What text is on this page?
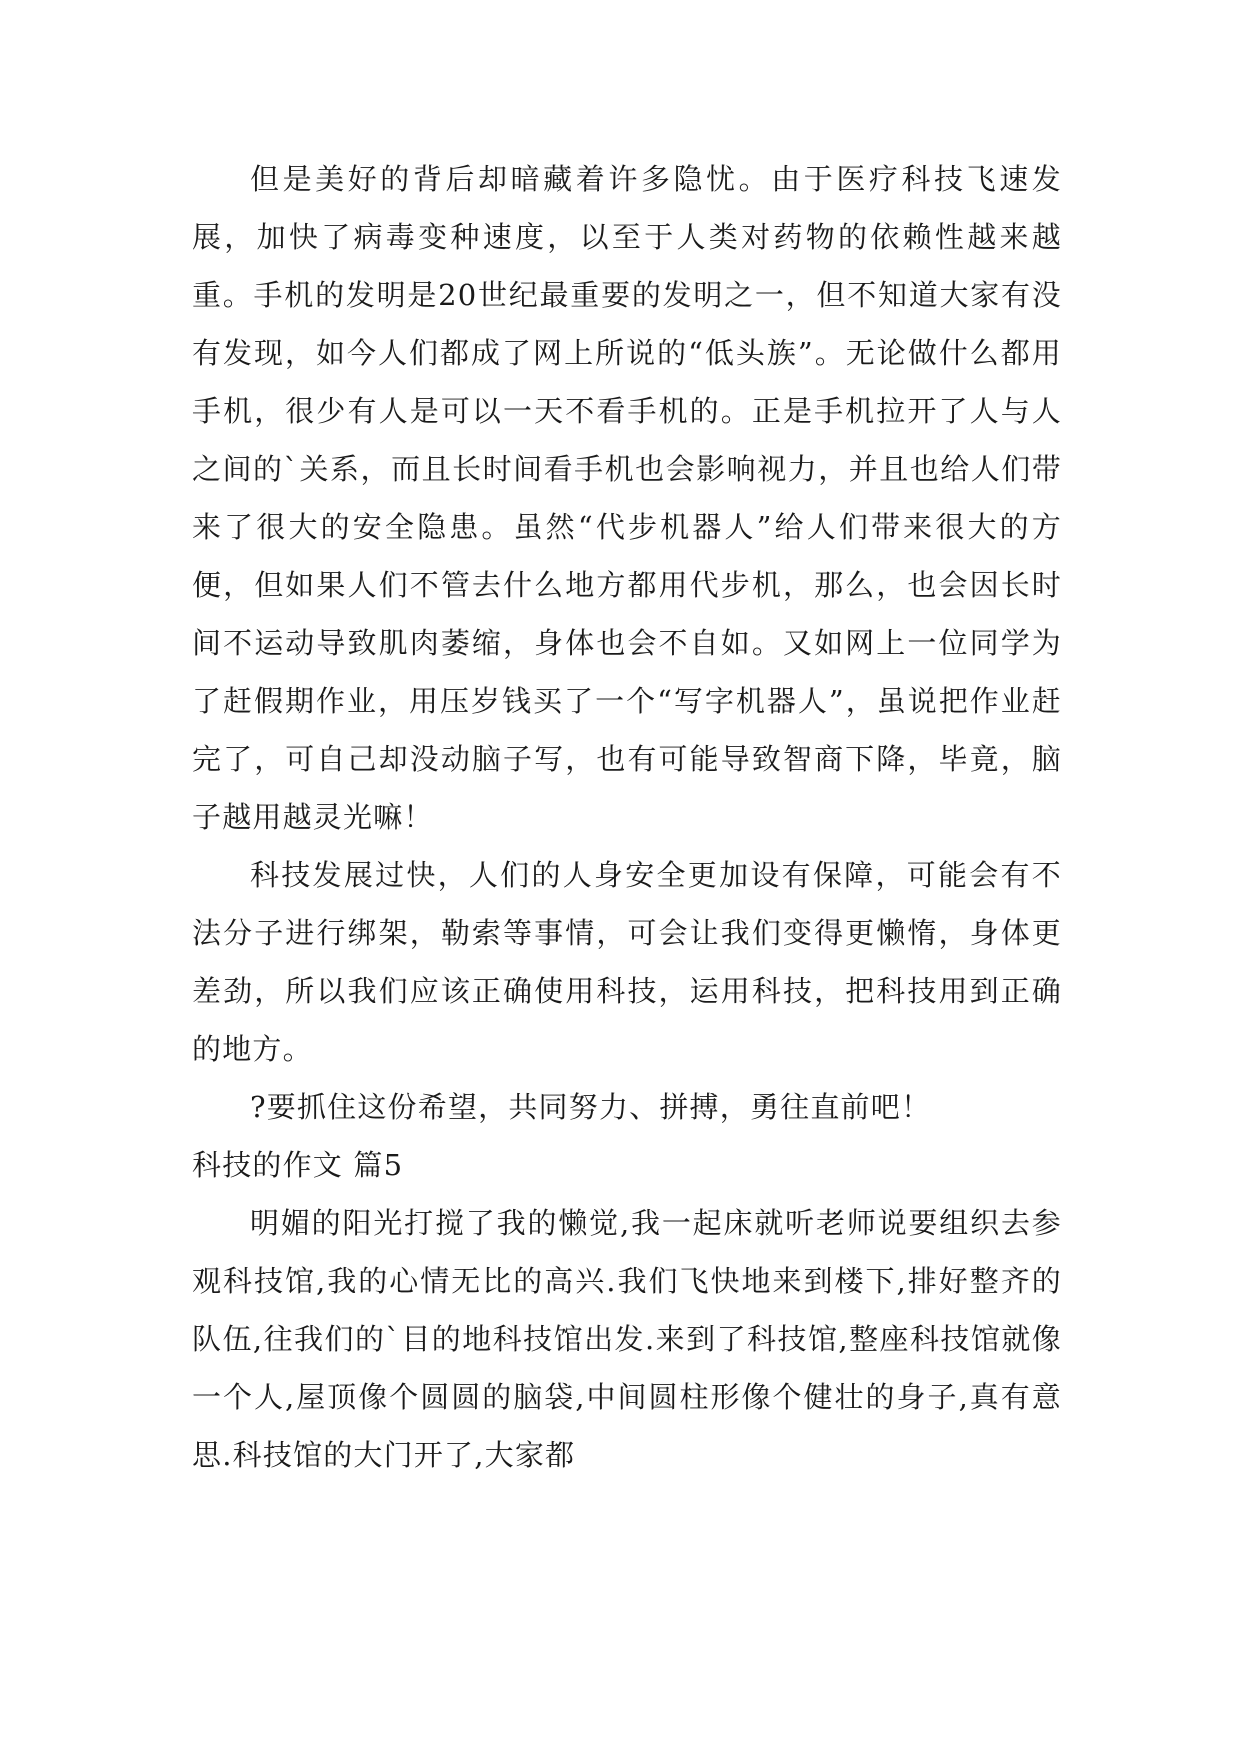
但是美好的背后却暗藏着许多隐忧。由于医疗科技飞速发展，加快了病毒变种速度，以至于人类对药物的依赖性越来越重。手机的发明是20世纪最重要的发明之一，但不知道大家有没有发现，如今人们都成了网上所说的“低头族”。无论做什么都用手机，很少有人是可以一天不看手机的。正是手机拉开了人与人之间的`关系，而且长时间看手机也会影响视力，并且也给人们带来了很大的安全隐患。虽然“代步机器人”给人们带来很大的方便，但如果人们不管去什么地方都用代步机，那么，也会因长时间不运动导致肌肉萎缩，身体也会不自如。又如网上一位同学为了赶假期作业，用压岁钱买了一个“写字机器人”，虽说把作业赶完了，可自己却没动脑子写，也有可能导致智商下降，毕竟，脑子越用越灵光嘛！

科技发展过快，人们的人身安全更加设有保障，可能会有不法分子进行绑架，勒索等事情，可会让我们变得更懒惰，身体更差劲，所以我们应该正确使用科技，运用科技，把科技用到正确的地方。

?要抓住这份希望，共同努力、拼搏，勇往直前吧！

科技的作文 篇5

明媚的阳光打搅了我的懒觉,我一起床就听老师说要组织去参观科技馆,我的心情无比的高兴.我们飞快地来到楼下,排好整齐的队伍,往我们的`目的地科技馆出发.来到了科技馆,整座科技馆就像一个人,屋顶像个圆圆的脑袋,中间圆柱形像个健壮的身子,真有意思.科技馆的大门开了,大家都
